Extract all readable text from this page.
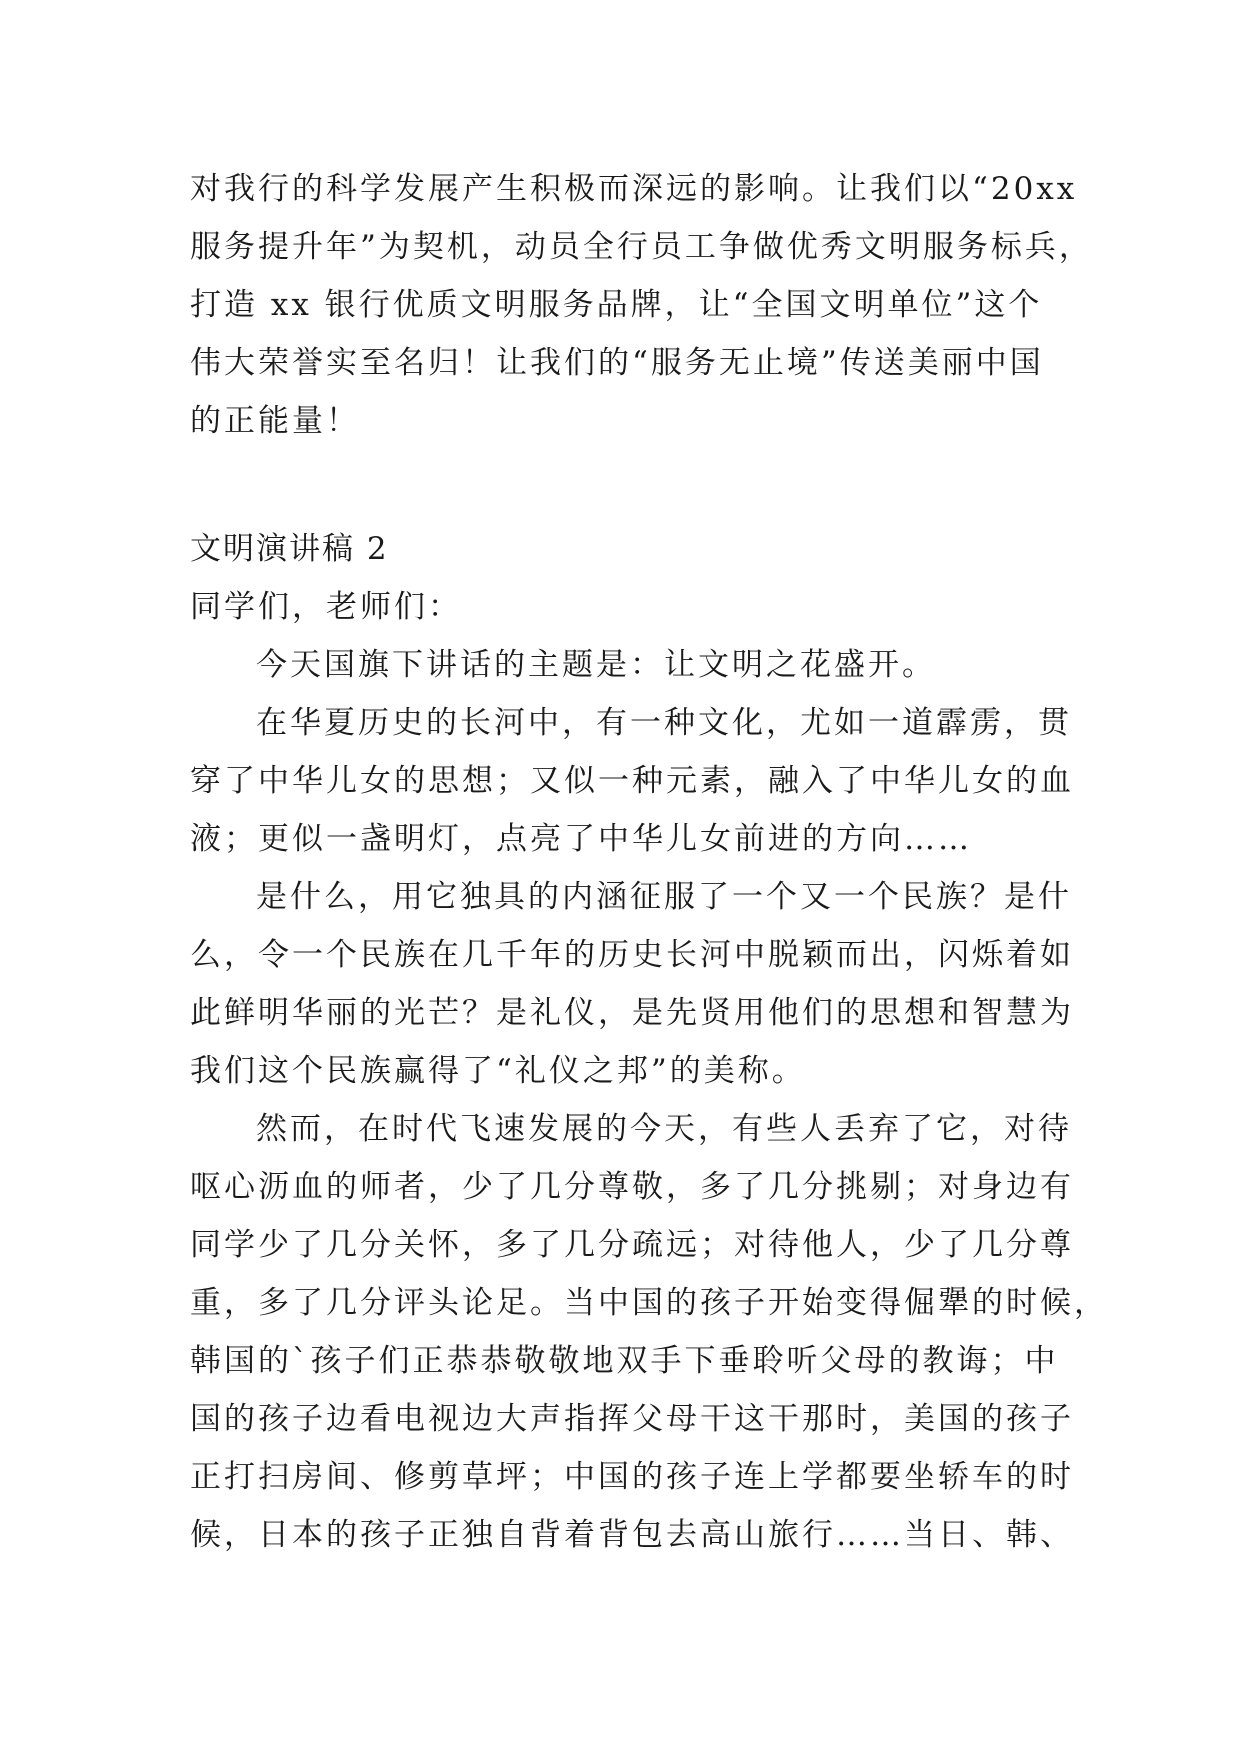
对我行的科学发展产生积极而深远的影响。让我们以“20xx
服务提升年”为契机，动员全行员工争做优秀文明服务标兵，
打造 xx 银行优质文明服务品牌，让“全国文明单位”这个
伟大荣誉实至名归！让我们的“服务无止境”传送美丽中国
的正能量！
文明演讲稿 2
同学们，老师们：
今天国旗下讲话的主题是：让文明之花盛开。
在华夏历史的长河中，有一种文化，尤如一道霹雳，贯
穿了中华儿女的思想；又似一种元素，融入了中华儿女的血
液；更似一盏明灯，点亮了中华儿女前进的方向……
是什么，用它独具的内涵征服了一个又一个民族？是什
么，令一个民族在几千年的历史长河中脱颖而出，闪烁着如
此鲜明华丽的光芒？是礼仪，是先贤用他们的思想和智慧为
我们这个民族赢得了“礼仪之邦”的美称。
然而，在时代飞速发展的今天，有些人丢弃了它，对待
呕心沥血的师者，少了几分尊敬，多了几分挑剔；对身边有
同学少了几分关怀，多了几分疏远；对待他人，少了几分尊
重，多了几分评头论足。当中国的孩子开始变得倔犟的时候，
韩国的`孩子们正恭恭敬敬地双手下垂聆听父母的教诲；中
国的孩子边看电视边大声指挥父母干这干那时，美国的孩子
正打扫房间、修剪草坪；中国的孩子连上学都要坐轿车的时
候，日本的孩子正独自背着背包去高山旅行……当日、韩、
